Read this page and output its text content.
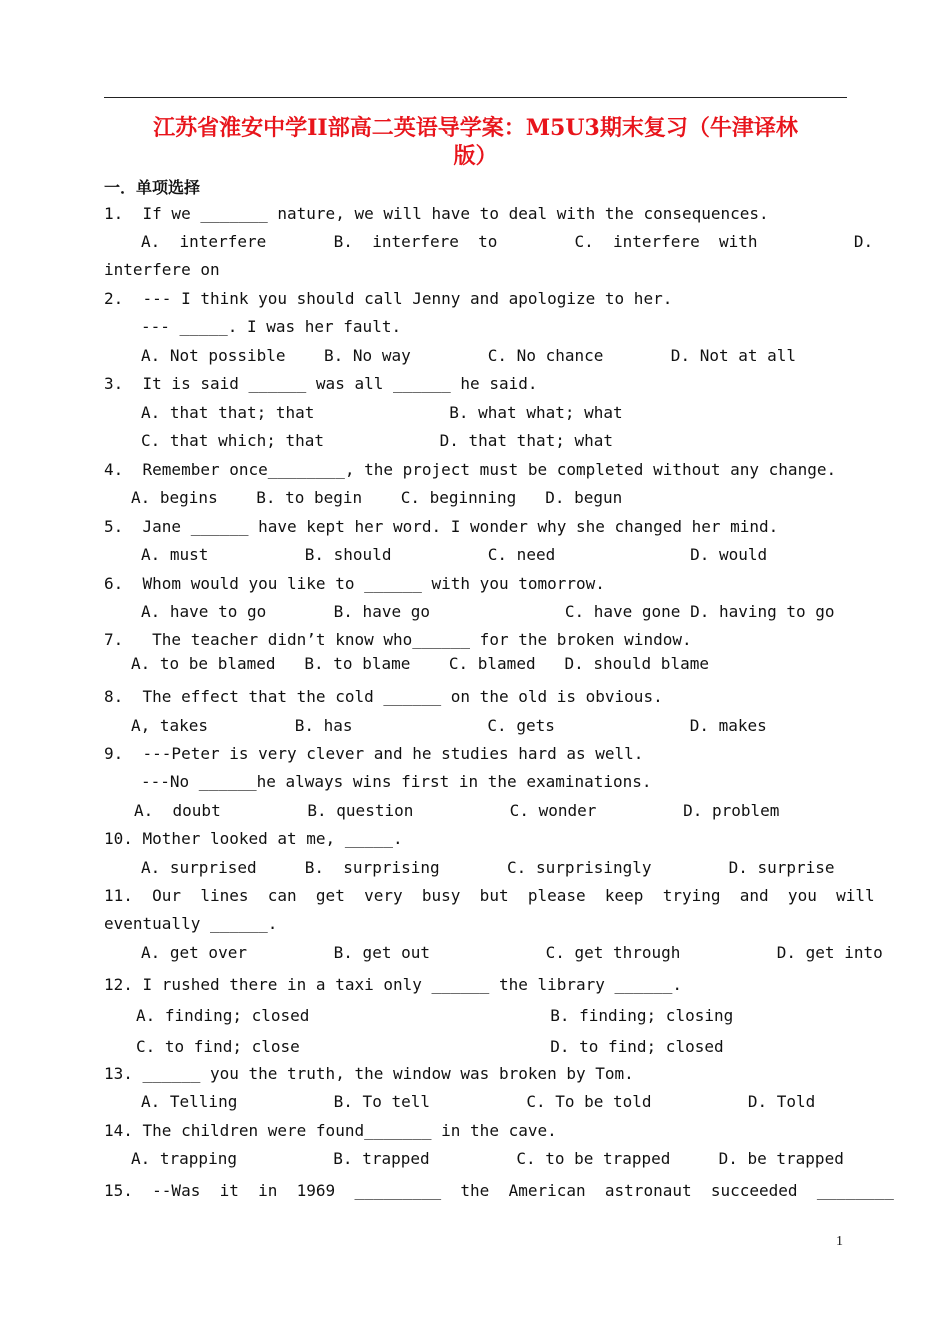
江苏省淮安中学II部高二英语导学案：M5U3期末复习（牛津译林
版）
一．单项选择
1.  If we _______ nature, we will have to deal with the consequences.
A.  interfere       B.  interfere  to        C.  interfere  with          D.
interfere on
2.  --- I think you should call Jenny and apologize to her.
--- _____. I was her fault.
A. Not possible    B. No way        C. No chance       D. Not at all
3.  It is said ______ was all ______ he said.
A. that that; that              B. what what; what
C. that which; that            D. that that; what
4.  Remember once________, the project must be completed without any change.
A. begins    B. to begin    C. beginning   D. begun
5.  Jane ______ have kept her word. I wonder why she changed her mind.
A. must          B. should          C. need              D. would
6.  Whom would you like to ______ with you tomorrow.
A. have to go       B. have go              C. have gone D. having to go
7.   The teacher didn’t know who______ for the broken window.
A. to be blamed   B. to blame    C. blamed   D. should blame
8.  The effect that the cold ______ on the old is obvious.
A, takes         B. has              C. gets              D. makes
9.  ---Peter is very clever and he studies hard as well.
---No ______he always wins first in the examinations.
A.  doubt         B. question          C. wonder         D. problem
10. Mother looked at me, _____.
A. surprised     B.  surprising       C. surprisingly        D. surprise
11.  Our  lines  can  get  very  busy  but  please  keep  trying  and  you  will
eventually ______.
A. get over         B. get out            C. get through          D. get into
12. I rushed there in a taxi only ______ the library ______.
A. finding; closed                         B. finding; closing
C. to find; close                          D. to find; closed
13. ______ you the truth, the window was broken by Tom.
A. Telling          B. To tell          C. To be told          D. Told
14. The children were found_______ in the cave.
A. trapping          B. trapped         C. to be trapped     D. be trapped
15.  --Was  it  in  1969  _________  the  American  astronaut  succeeded  ________
1
